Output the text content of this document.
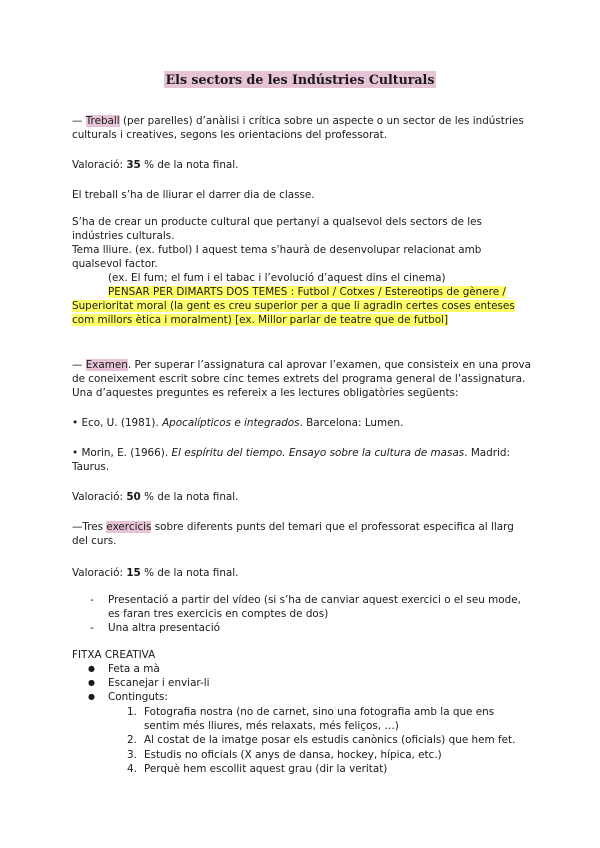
Els sectors de les Indústries Culturals

— Treball (per parelles) d’anàlisi i crítica sobre un aspecte o un sector de les indústries culturals i creatives, segons les orientacions del professorat.

Valoració: 35 % de la nota final.

El treball s’ha de lliurar el darrer dia de classe.

S’ha de crear un producte cultural que pertanyi a qualsevol dels sectors de les indústries culturals.

Tema lliure. (ex. futbol) I aquest tema s’haurà de desenvolupar relacionat amb qualsevol factor.

(ex. El fum; el fum i el tabac i l’evolució d’aquest dins el cinema)

PENSAR PER DIMARTS DOS TEMES : Futbol / Cotxes / Estereotips de gènere / Superioritat moral (la gent es creu superior per a que li agradin certes coses enteses com millors ètica i moralment) [ex. Millor parlar de teatre que de futbol]

— Examen. Per superar l’assignatura cal aprovar l’examen, que consisteix en una prova de coneixement escrit sobre cinc temes extrets del programa general de l’assignatura. Una d’aquestes preguntes es refereix a les lectures obligatòries següents:

• Eco, U. (1981). Apocalípticos e integrados. Barcelona: Lumen.

• Morin, E. (1966). El espíritu del tiempo. Ensayo sobre la cultura de masas. Madrid: Taurus.

Valoració: 50 % de la nota final.

—Tres exercicis sobre diferents punts del temari que el professorat especifica al llarg del curs.

Valoració: 15 % de la nota final.

- Presentació a partir del vídeo (si s’ha de canviar aquest exercici o el seu mode, es faran tres exercicis en comptes de dos)
- Una altra presentació

FITXA CREATIVA

● Feta a mà
● Escanejar i enviar-li
● Continguts:
1. Fotografia nostra (no de carnet, sino una fotografia amb la que ens sentim més lliures, més relaxats, més feliços, …)
2. Al costat de la imatge posar els estudis canònics (oficials) que hem fet.
3. Estudis no oficials (X anys de dansa, hockey, hípica, etc.)
4. Perquè hem escollit aquest grau (dir la veritat)
